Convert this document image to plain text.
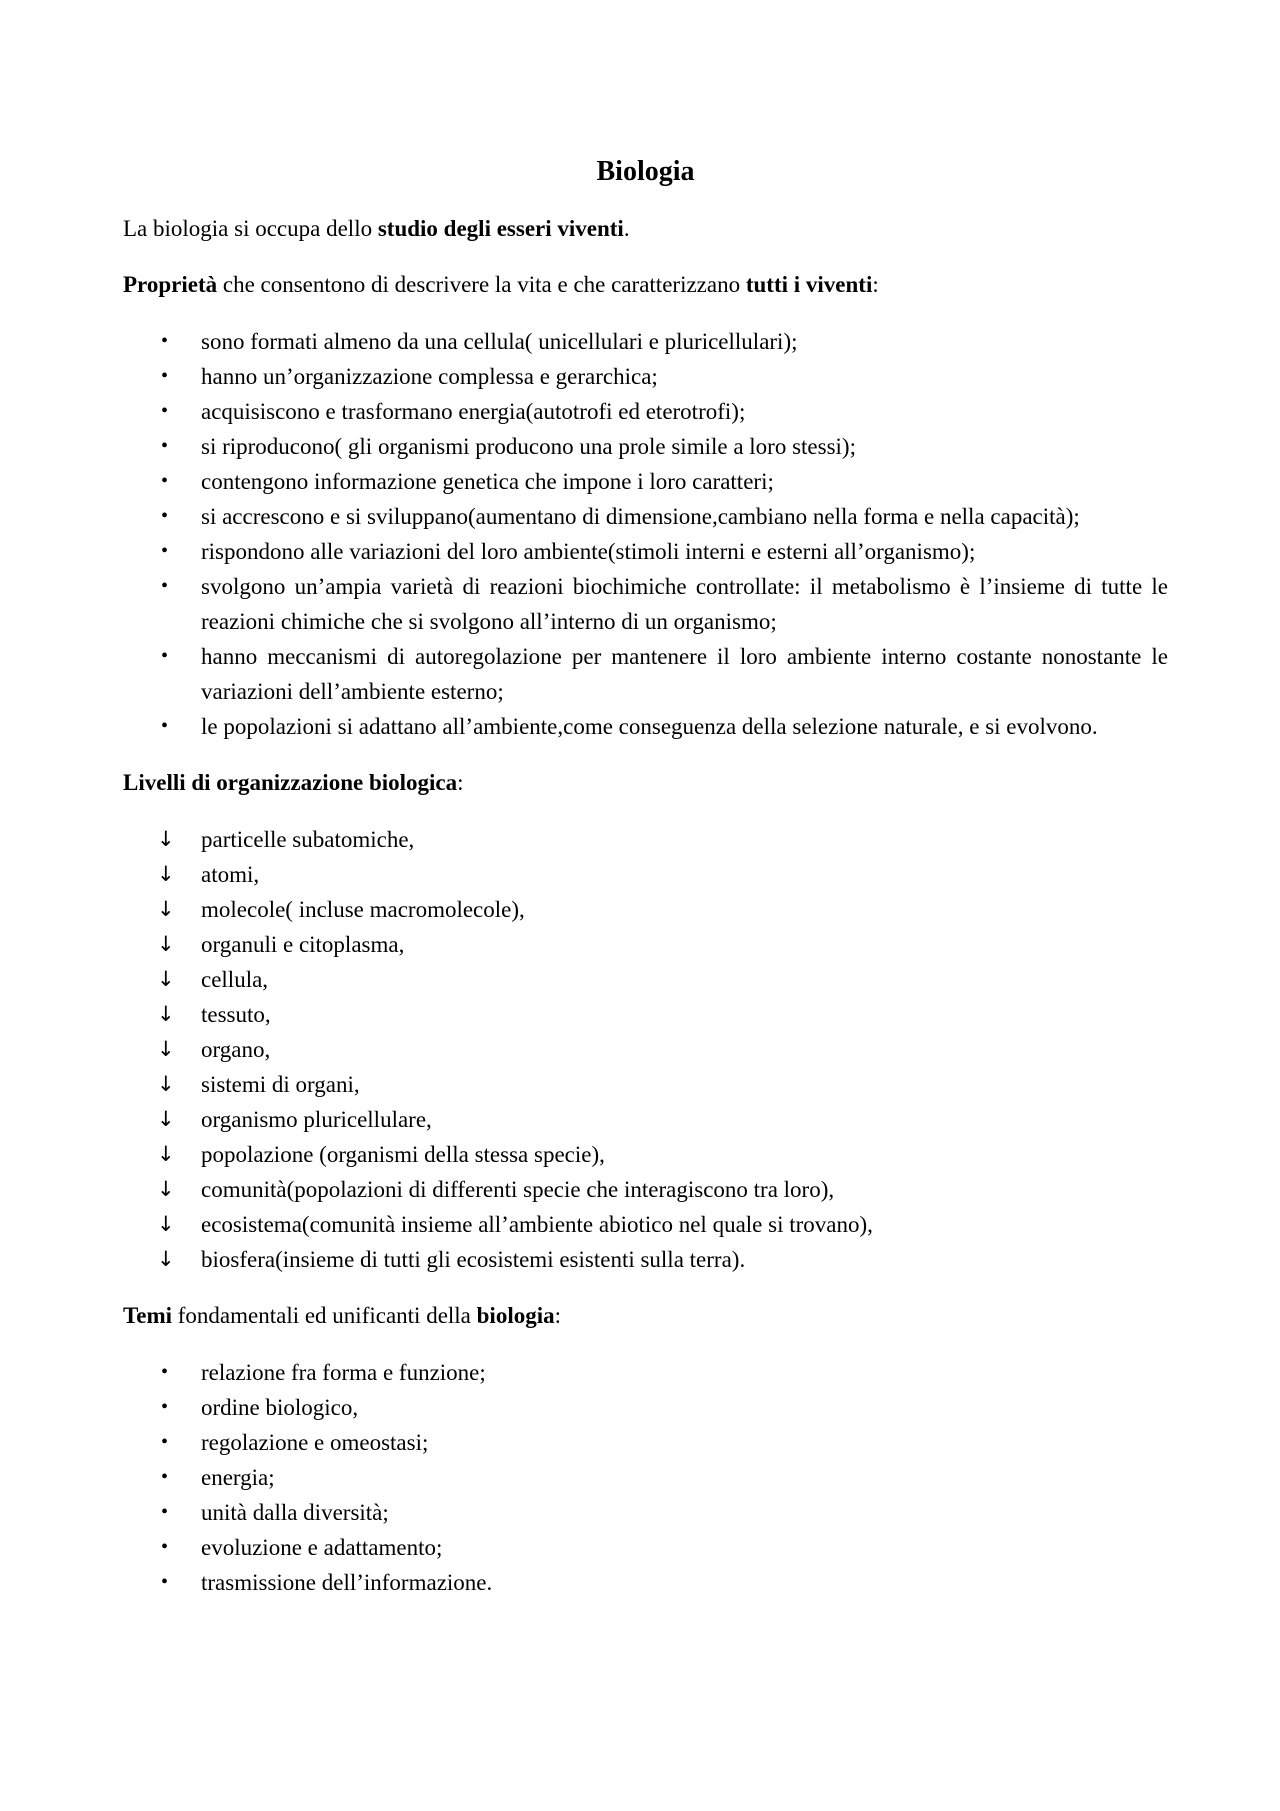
Biologia

La biologia si occupa dello studio degli esseri viventi.

Proprietà che consentono di descrivere la vita e che caratterizzano tutti i viventi:

•	sono formati almeno da una cellula( unicellulari e pluricellulari);
•	hanno un’organizzazione complessa e gerarchica;
•	acquisiscono e trasformano energia(autotrofi ed eterotrofi);
•	si riproducono( gli organismi producono una prole simile a loro stessi);
•	contengono informazione genetica che impone i loro caratteri;
•	si accrescono e si sviluppano(aumentano di dimensione,cambiano nella forma e nella capacità);
•	rispondono alle variazioni del loro ambiente(stimoli interni e esterni all’organismo);
•	svolgono un’ampia varietà di reazioni biochimiche controllate: il metabolismo è l’insieme di tutte le reazioni chimiche che si svolgono all’interno di un organismo;
•	hanno meccanismi di autoregolazione per mantenere il loro ambiente interno costante nonostante le variazioni dell’ambiente esterno;
•	le popolazioni si adattano all’ambiente,come conseguenza della selezione naturale, e si evolvono.

Livelli di organizzazione biologica:

↓	particelle subatomiche,
↓	atomi,
↓	molecole( incluse macromolecole),
↓	organuli e citoplasma,
↓	cellula,
↓	tessuto,
↓	organo,
↓	sistemi di organi,
↓	organismo pluricellulare,
↓	popolazione (organismi della stessa specie),
↓	comunità(popolazioni di differenti specie che interagiscono tra loro),
↓	ecosistema(comunità insieme all’ambiente abiotico nel quale si trovano),
↓	biosfera(insieme di tutti gli ecosistemi esistenti sulla terra).

Temi fondamentali ed unificanti della biologia:

•	relazione fra forma e funzione;
•	ordine biologico,
•	regolazione e omeostasi;
•	energia;
•	unità dalla diversità;
•	evoluzione e adattamento;
•	trasmissione dell’informazione.
